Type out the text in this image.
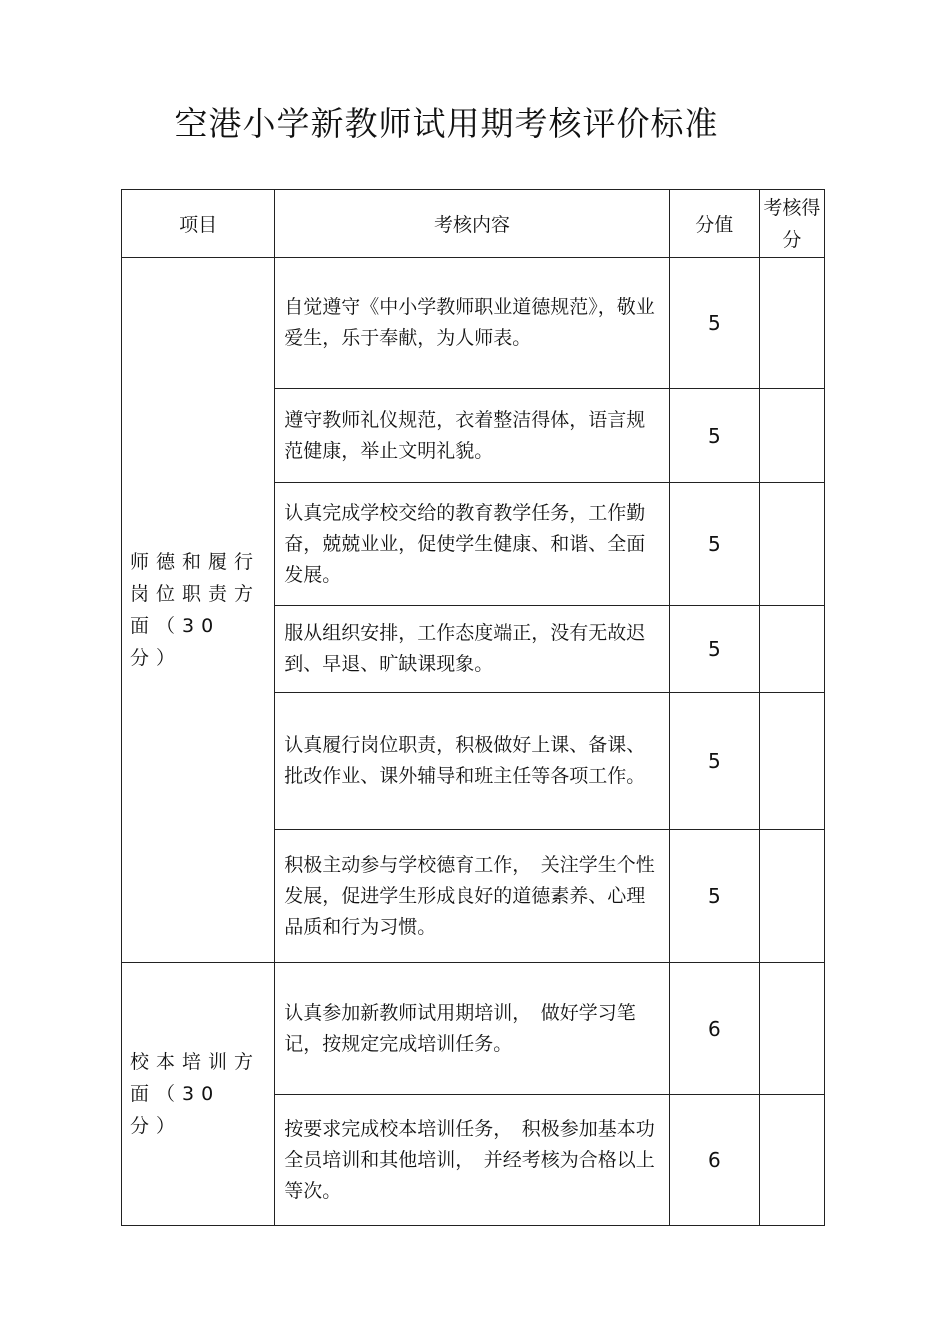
空港小学新教师试用期考核评价标准
项目	考核内容	分值	考核得分
师德和履行岗位职责方面（30 分）	自觉遵守《中小学教师职业道德规范》，敬业爱生，乐于奉献，为人师表。	5	
	遵守教师礼仪规范，衣着整洁得体，语言规范健康，举止文明礼貌。	5	
	认真完成学校交给的教育教学任务，工作勤奋，兢兢业业，促使学生健康、和谐、全面发展。	5	
	服从组织安排，工作态度端正，没有无故迟到、早退、旷缺课现象。	5	
	认真履行岗位职责，积极做好上课、备课、批改作业、课外辅导和班主任等各项工作。	5	
	积极主动参与学校德育工作，　关注学生个性发展，促进学生形成良好的道德素养、心理品质和行为习惯。	5	
校本培训方面（30 分）	认真参加新教师试用期培训，　做好学习笔记，按规定完成培训任务。	6	
	按要求完成校本培训任务，　积极参加基本功全员培训和其他培训，　并经考核为合格以上等次。	6	
